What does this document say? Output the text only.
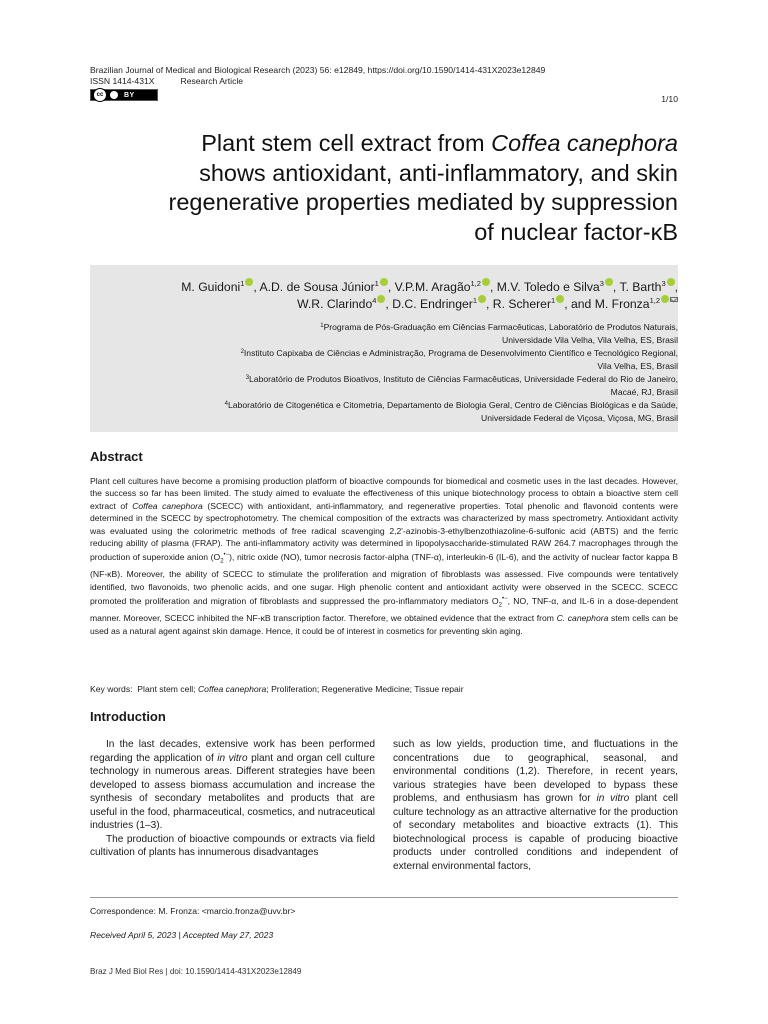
Brazilian Journal of Medical and Biological Research (2023) 56: e12849, https://doi.org/10.1590/1414-431X2023e12849
ISSN 1414-431X	Research Article
cc	BY	1/10
Plant stem cell extract from Coffea canephora
shows antioxidant, anti-inflammatory, and skin
regenerative properties mediated by suppression
of nuclear factor-κB
M. Guidoni$^1$ , A.D. de Sousa Júnior$^1$ , V.P.M. Aragão$^{1,2}$ , M.V. Toledo e Silva$^3$ , T. Barth$^3$ ,
W.R. Clarindo$^4$ , D.C. Endringer$^1$ , R. Scherer$^1$ , and M. Fronza$^{1,2}$
$^1$Programa de Pós-Graduação em Ciências Farmacêuticas, Laboratório de Produtos Naturais,
Universidade Vila Velha, Vila Velha, ES, Brasil
$^2$Instituto Capixaba de Ciências e Administração, Programa de Desenvolvimento Científico e Tecnológico Regional,
Vila Velha, ES, Brasil
$^3$Laboratório de Produtos Bioativos, Instituto de Ciências Farmacêuticas, Universidade Federal do Rio de Janeiro,
Macaé, RJ, Brasil
$^4$Laboratório de Citogenética e Citometria, Departamento de Biologia Geral, Centro de Ciências Biológicas e da Saúde,
Universidade Federal de Viçosa, Viçosa, MG, Brasil
Abstract
Plant cell cultures have become a promising production platform of bioactive compounds for biomedical and cosmetic uses in the last decades. However, the success so far has been limited. The study aimed to evaluate the effectiveness of this unique biotechnology process to obtain a bioactive stem cell extract of Coffea canephora (SCECC) with antioxidant, anti-inflammatory, and regenerative properties. Total phenolic and flavonoid contents were determined in the SCECC by spectrophotometry. The chemical composition of the extracts was characterized by mass spectrometry. Antioxidant activity was evaluated using the colorimetric methods of free radical scavenging 2,2'-azinobis-3-ethylbenzothiazoline-6-sulfonic acid (ABTS) and the ferric reducing ability of plasma (FRAP). The anti-inflammatory activity was determined in lipopolysaccharide-stimulated RAW 264.7 macrophages through the production of superoxide anion $(O_2^{•-})$, nitric oxide (NO), tumor necrosis factor-alpha (TNF-α), interleukin-6 (IL-6), and the activity of nuclear factor kappa B (NF-κB). Moreover, the ability of SCECC to stimulate the proliferation and migration of fibroblasts was assessed. Five compounds were tentatively identified, two flavonoids, two phenolic acids, and one sugar. High phenolic content and antioxidant activity were observed in the SCECC. SCECC promoted the proliferation and migration of fibroblasts and suppressed the pro-inflammatory mediators $O_2^{•-}$, NO, TNF-α, and IL-6 in a dose-dependent manner. Moreover, SCECC inhibited the NF-κB transcription factor. Therefore, we obtained evidence that the extract from C. canephora stem cells can be used as a natural agent against skin damage. Hence, it could be of interest in cosmetics for preventing skin aging.
Key words: Plant stem cell; Coffea canephora; Proliferation; Regenerative Medicine; Tissue repair
Introduction

In the last decades, extensive work has been performed regarding the application of in vitro plant and organ cell culture technology in numerous areas. Different strategies have been developed to assess biomass accumulation and increase the synthesis of secondary metabolites and products that are useful in the food, pharmaceutical, cosmetics, and nutraceutical industries (1–3).

The production of bioactive compounds or extracts via field cultivation of plants has innumerous disadvantages

such as low yields, production time, and fluctuations in the concentrations due to geographical, seasonal, and environmental conditions (1,2). Therefore, in recent years, various strategies have been developed to bypass these problems, and enthusiasm has grown for in vitro plant cell culture technology as an attractive alternative for the production of secondary metabolites and bioactive extracts (1). This biotechnological process is capable of producing bioactive products under controlled conditions and independent of external environmental factors,

Correspondence: M. Fronza: <marcio.fronza@uvv.br>
Received April 5, 2023 | Accepted May 27, 2023
Braz J Med Biol Res | doi: 10.1590/1414-431X2023e12849
